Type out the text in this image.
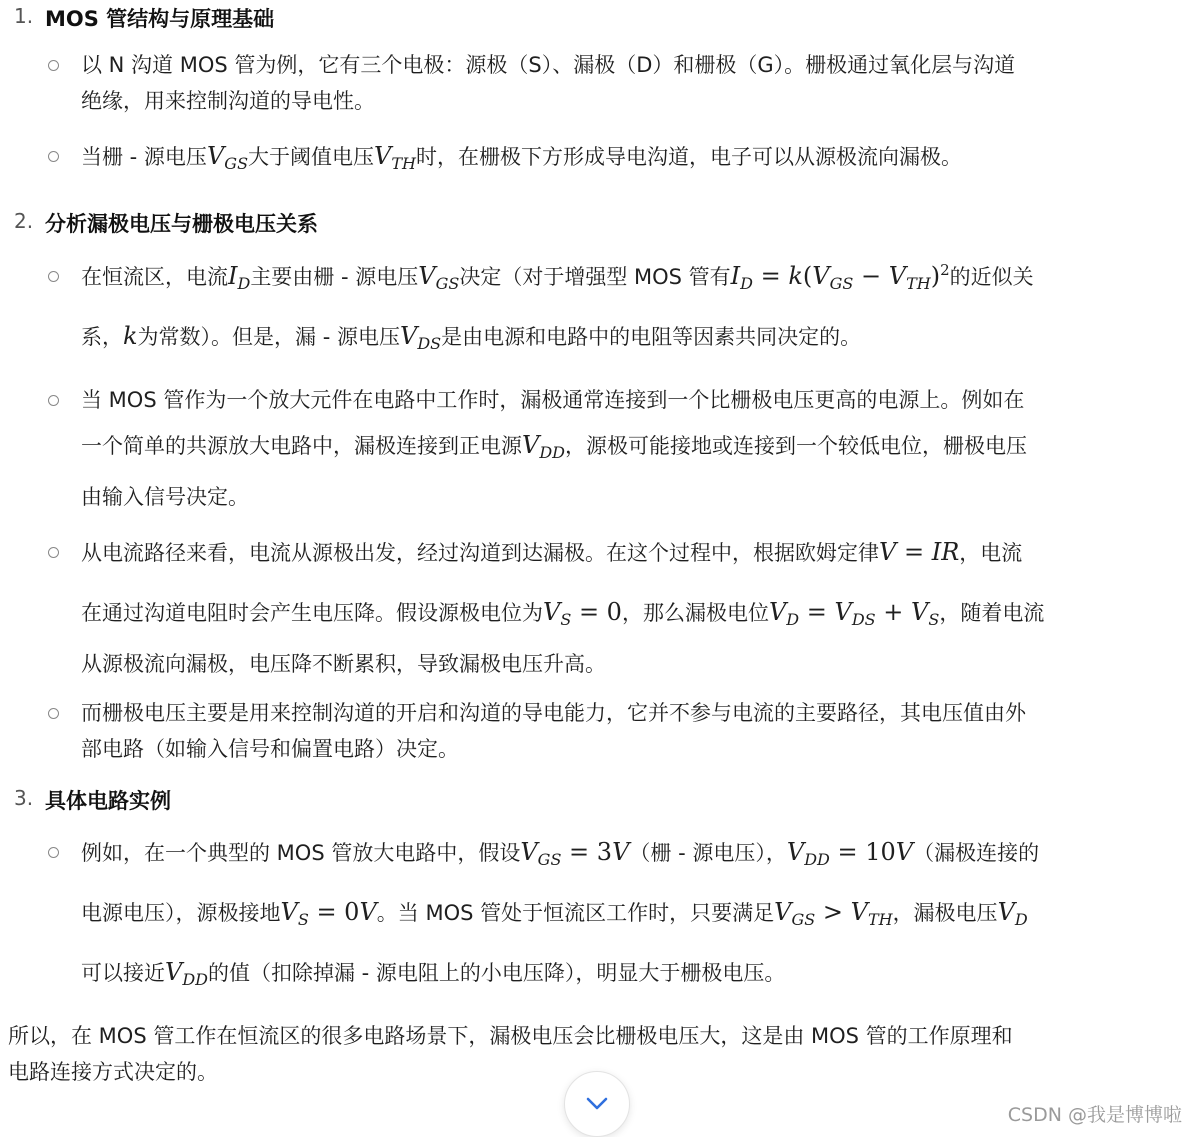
1. MOS 管结构与原理基础
以 N 沟道 MOS 管为例，它有三个电极：源极（S）、漏极（D）和栅极（G）。栅极通过氧化层与沟道
绝缘，用来控制沟道的导电性。
当栅 - 源电压$V_{GS}$大于阈值电压$V_{TH}$时，在栅极下方形成导电沟道，电子可以从源极流向漏极。
2. 分析漏极电压与栅极电压关系
在恒流区，电流$I_D$主要由栅 - 源电压$V_{GS}$决定（对于增强型 MOS 管有$I_D = k(V_{GS} - V_{TH})^2$的近似关
系，k为常数）。但是，漏 - 源电压$V_{DS}$是由电源和电路中的电阻等因素共同决定的。
当 MOS 管作为一个放大元件在电路中工作时，漏极通常连接到一个比栅极电压更高的电源上。例如在
一个简单的共源放大电路中，漏极连接到正电源$V_{DD}$，源极可能接地或连接到一个较低电位，栅极电压
由输入信号决定。
从电流路径来看，电流从源极出发，经过沟道到达漏极。在这个过程中，根据欧姆定律V = IR，电流
在通过沟道电阻时会产生电压降。假设源极电位为$V_S = 0$，那么漏极电位$V_D = V_{DS} + V_S$，随着电流
从源极流向漏极，电压降不断累积，导致漏极电压升高。
而栅极电压主要是用来控制沟道的开启和沟道的导电能力，它并不参与电流的主要路径，其电压值由外
部电路（如输入信号和偏置电路）决定。
3. 具体电路实例
例如，在一个典型的 MOS 管放大电路中，假设$V_{GS} = 3V$（栅 - 源电压），$V_{DD} = 10V$（漏极连接的
电源电压），源极接地$V_S = 0V$。当 MOS 管处于恒流区工作时，只要满足$V_{GS} > V_{TH}$，漏极电压$V_D$
可以接近$V_{DD}$的值（扣除掉漏 - 源电阻上的小电压降），明显大于栅极电压。
所以，在 MOS 管工作在恒流区的很多电路场景下，漏极电压会比栅极电压大，这是由 MOS 管的工作原理和
电路连接方式决定的。
CSDN @我是博博啦
